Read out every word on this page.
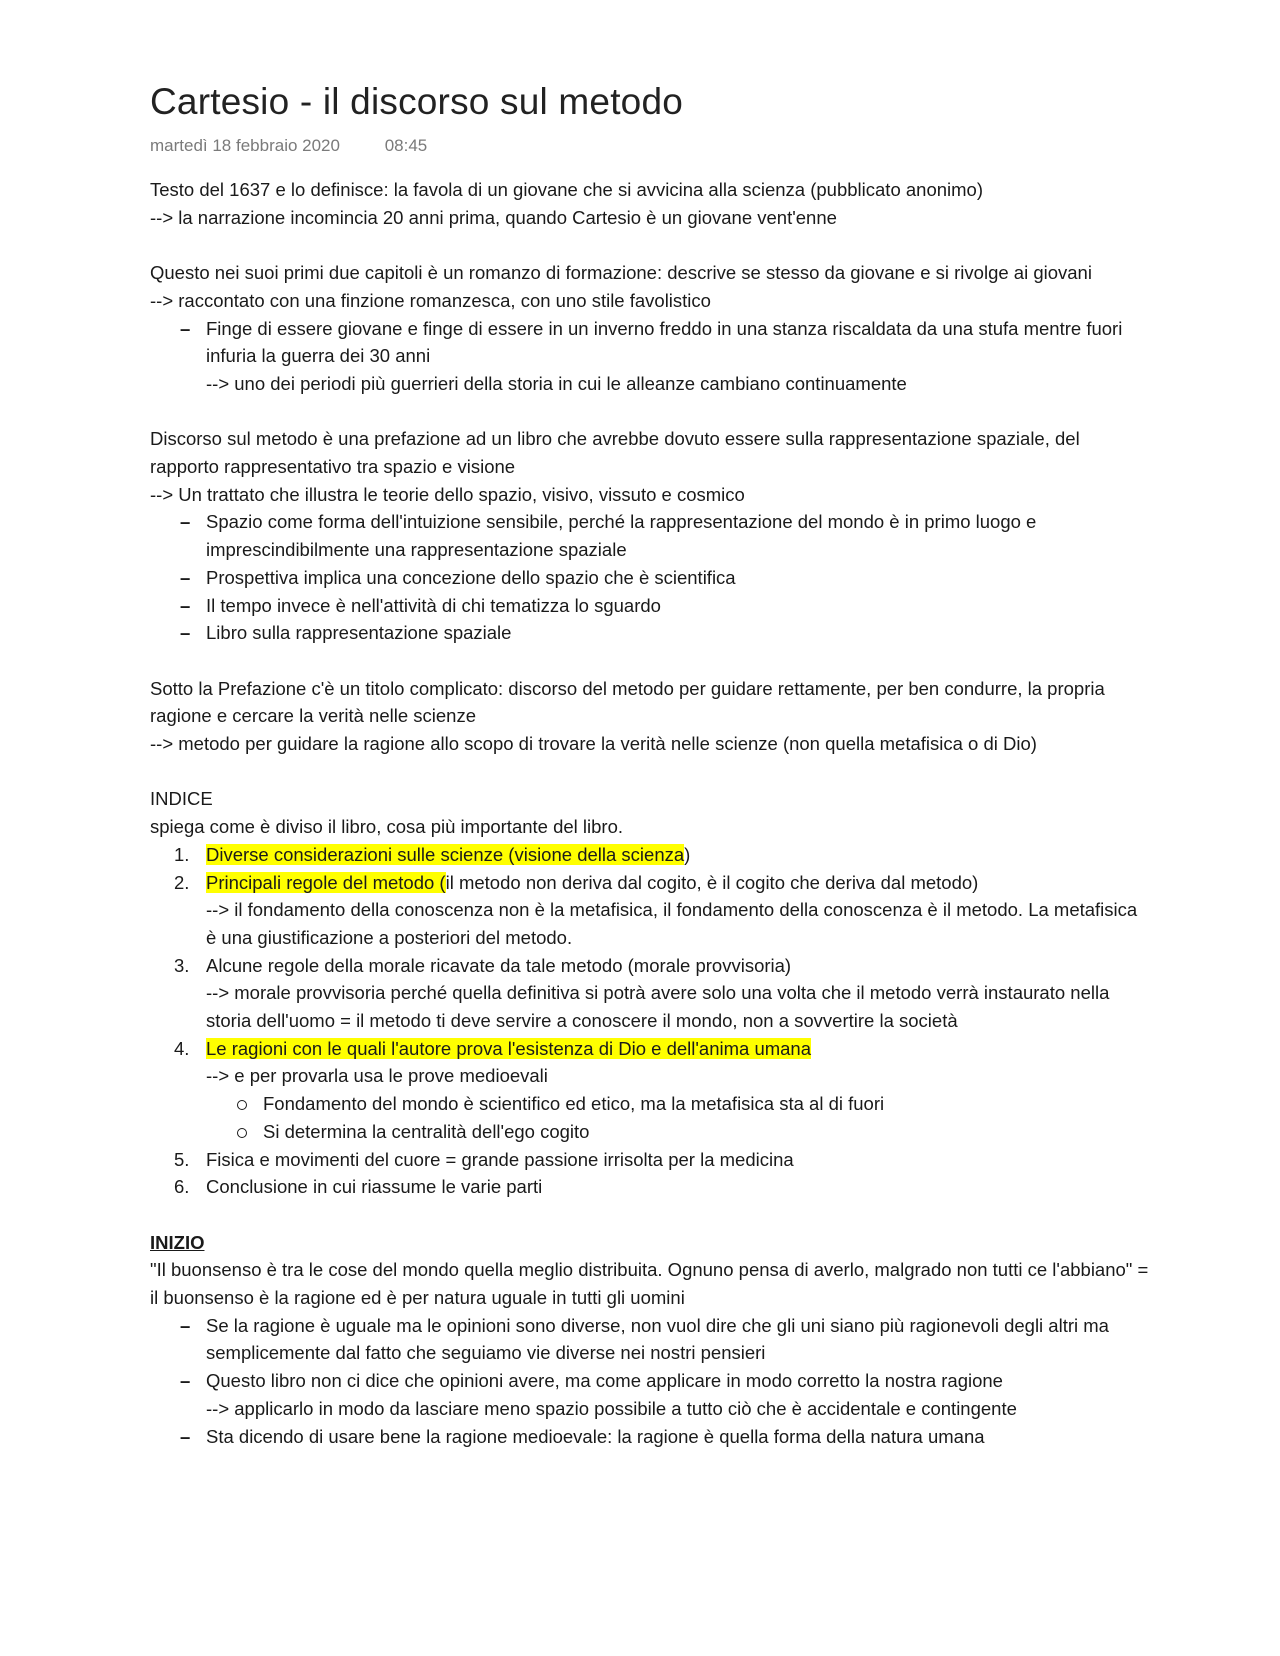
Cartesio - il discorso sul metodo
martedì 18 febbraio 2020	08:45

Testo del 1637 e lo definisce: la favola di un giovane che si avvicina alla scienza (pubblicato anonimo)

--> la narrazione incomincia 20 anni prima, quando Cartesio è un giovane vent'enne

Questo nei suoi primi due capitoli è un romanzo di formazione: descrive se stesso da giovane e si rivolge ai giovani

--> raccontato con una finzione romanzesca, con uno stile favolistico

– Finge di essere giovane e finge di essere in un inverno freddo in una stanza riscaldata da una stufa mentre fuori infuria la guerra dei 30 anni
--> uno dei periodi più guerrieri della storia in cui le alleanze cambiano continuamente

Discorso sul metodo è una prefazione ad un libro che avrebbe dovuto essere sulla rappresentazione spaziale, del rapporto rappresentativo tra spazio e visione

--> Un trattato che illustra le teorie dello spazio, visivo, vissuto e cosmico

– Spazio come forma dell'intuizione sensibile, perché la rappresentazione del mondo è in primo luogo e imprescindibilmente una rappresentazione spaziale
– Prospettiva implica una concezione dello spazio che è scientifica
– Il tempo invece è nell'attività di chi tematizza lo sguardo
– Libro sulla rappresentazione spaziale

Sotto la Prefazione c'è un titolo complicato: discorso del metodo per guidare rettamente, per ben condurre, la propria ragione e cercare la verità nelle scienze

--> metodo per guidare la ragione allo scopo di trovare la verità nelle scienze (non quella metafisica o di Dio)

INDICE

spiega come è diviso il libro, cosa più importante del libro.

1. Diverse considerazioni sulle scienze (visione della scienza)
2. Principali regole del metodo (il metodo non deriva dal cogito, è il cogito che deriva dal metodo)
--> il fondamento della conoscenza non è la metafisica, il fondamento della conoscenza è il metodo. La metafisica è una giustificazione a posteriori del metodo.
3. Alcune regole della morale ricavate da tale metodo (morale provvisoria)
--> morale provvisoria perché quella definitiva si potrà avere solo una volta che il metodo verrà instaurato nella storia dell'uomo = il metodo ti deve servire a conoscere il mondo, non a sovvertire la società
4. Le ragioni con le quali l'autore prova l'esistenza di Dio e dell'anima umana
--> e per provarla usa le prove medioevali
Fondamento del mondo è scientifico ed etico, ma la metafisica sta al di fuori
Si determina la centralità dell'ego cogito
5. Fisica e movimenti del cuore = grande passione irrisolta per la medicina
6. Conclusione in cui riassume le varie parti

INIZIO

"Il buonsenso è tra le cose del mondo quella meglio distribuita. Ognuno pensa di averlo, malgrado non tutti ce l'abbiano" = il buonsenso è la ragione ed è per natura uguale in tutti gli uomini

– Se la ragione è uguale ma le opinioni sono diverse, non vuol dire che gli uni siano più ragionevoli degli altri ma semplicemente dal fatto che seguiamo vie diverse nei nostri pensieri
– Questo libro non ci dice che opinioni avere, ma come applicare in modo corretto la nostra ragione
--> applicarlo in modo da lasciare meno spazio possibile a tutto ciò che è accidentale e contingente
– Sta dicendo di usare bene la ragione medioevale: la ragione è quella forma della natura umana
